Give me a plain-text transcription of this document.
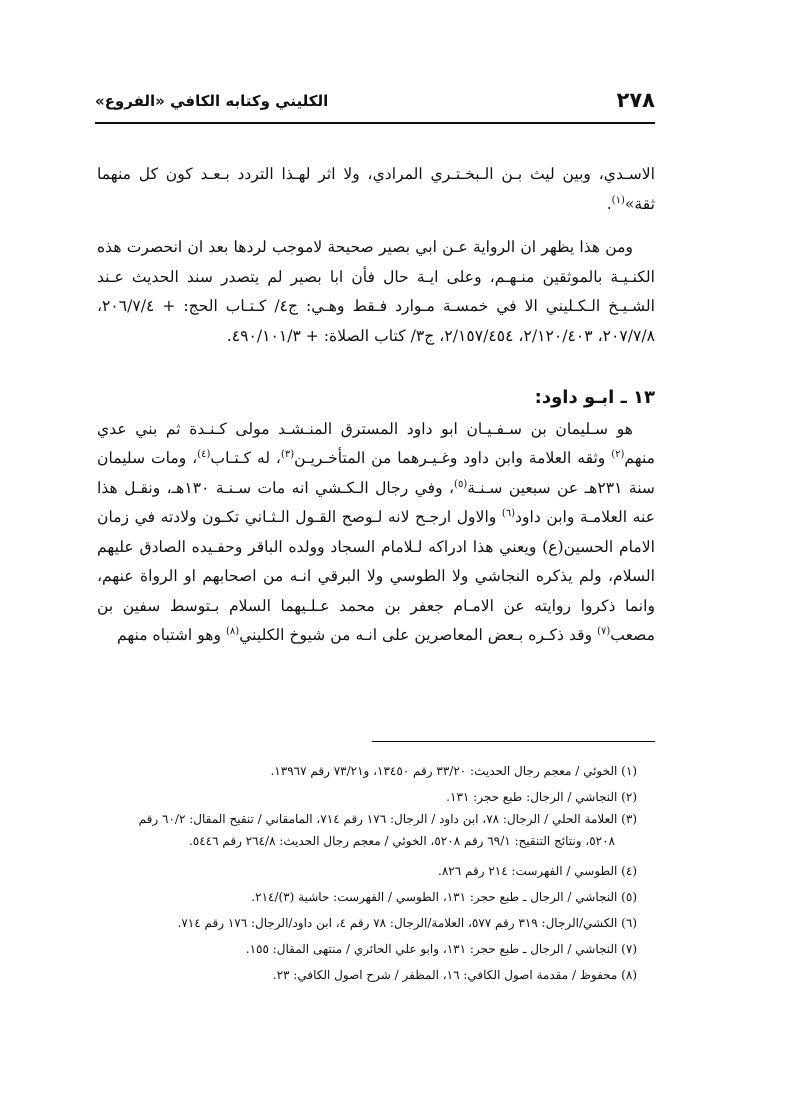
٢٧٨
الكليني وكتابه الكافي «الفروع»

الاسـدي، وبين ليث بـن الـبخـتـري المرادي، ولا اثر لهـذا التردد بـعـد كون كل منهما ثقة»$^{(١)}$.

ومن هذا يظهر ان الرواية عـن ابي بصير صحيحة لاموجب لردها بعد ان انحصرت هذه الكنـيـة بالموثقين منـهـم، وعلى ايـة حال فأن ابا بصير لم يتصدر سند الحديث عـند الشـيـخ الـكـليني الا في خمسـة مـوارد فـقط وهـي: ج٤/ كـتـاب الحج: + ٢٠٦/٧/٤، ٢٠٧/٧/٨، ٢/١٢٠/٤٠٣، ٢/١٥٧/٤٥٤، ج٣/ كتاب الصلاة: + ٤٩٠/١٠١/٣.

١٣ ـ ابـو داود:

هو سـليمان بن سـفـيـان ابو داود المسترق المنـشـد مولى كـنـدة ثم بني عدي منهم$^{(٢)}$ وثقه العلامة وابن داود وغـيـرهما من المتأخـريـن$^{(٣)}$، له كـتـاب$^{(٤)}$، ومات سليمان سنة ٢٣١هـ عن سبعين سـنـة$^{(٥)}$، وفي رجال الـكـشي انه مات سـنـة ١٣٠هـ، ونقـل هذا عنه العلامـة وابن داود$^{(٦)}$ والاول ارجـح لانه لـوصح القـول الـثـاني تكـون ولادته في زمان الامام الحسين(ع) ويعني هذا ادراكه لـلامام السجاد وولده الباقر وحفـيده الصادق عليهم السلام، ولم يذكره النجاشي ولا الطوسي ولا البرقي انـه من اصحابهم او الرواة عنهم، وانما ذكروا روايته عن الامـام جعفر بن محمد عـلـيهما السلام بـتوسط سفين بن مصعب$^{(٧)}$ وقد ذكـره بـعض المعاصرين على انـه من شيوخ الكليني$^{(٨)}$ وهو اشتباه منهم

(١) الخوئي / معجم رجال الحديث: ٣٣/٢٠ رقم ١٣٤٥٠، و٧٣/٢١ رقم ١٣٩٦٧.

(٢) النجاشي / الرجال: طبع حجر: ١٣١.

(٣) العلامة الحلي / الرجال: ٧٨، ابن داود / الرجال: ١٧٦ رقم ٧١٤، المامقاني / تنقيح المقال: ٦٠/٢ رقم

٥٢٠٨، ونتائج التنقيح: ٦٩/١ رقم ٥٢٠٨، الخوئي / معجم رجال الحديث: ٢٦٤/٨ رقم ٥٤٤٦.

(٤) الطوسي / الفهرست: ٢١٤ رقم ٨٢٦.

(٥) النجاشي / الرجال ـ طبع حجر: ١٣١، الطوسي / الفهرست: حاشية (٣)/٢١٤.

(٦) الكشي/الرجال: ٣١٩ رقم ٥٧٧، العلامة/الرجال: ٧٨ رقم ٤، ابن داود/الرجال: ١٧٦ رقم ٧١٤.

(٧) النجاشي / الرجال ـ طبع حجر: ١٣١، وابو علي الحائري / منتهى المقال: ١٥٥.

(٨) محفوظ / مقدمة اصول الكافي: ١٦، المظفر / شرح اصول الكافي: ٢٣.
